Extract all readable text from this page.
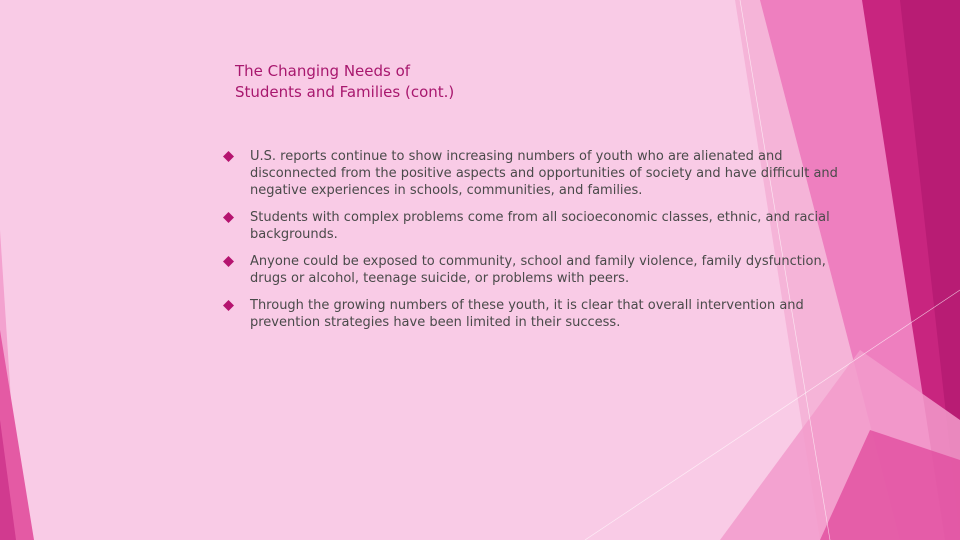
The Changing Needs of
Students and Families (cont.)
U.S. reports continue to show increasing numbers of youth who are alienated and disconnected from the positive aspects and opportunities of society and have difficult and negative experiences in schools, communities, and families.
Students with complex problems come from all socioeconomic classes, ethnic, and racial backgrounds.
Anyone could be exposed to community, school and family violence, family dysfunction, drugs or alcohol, teenage suicide, or problems with peers.
Through the growing numbers of these youth, it is clear that overall intervention and prevention strategies have been limited in their success.
